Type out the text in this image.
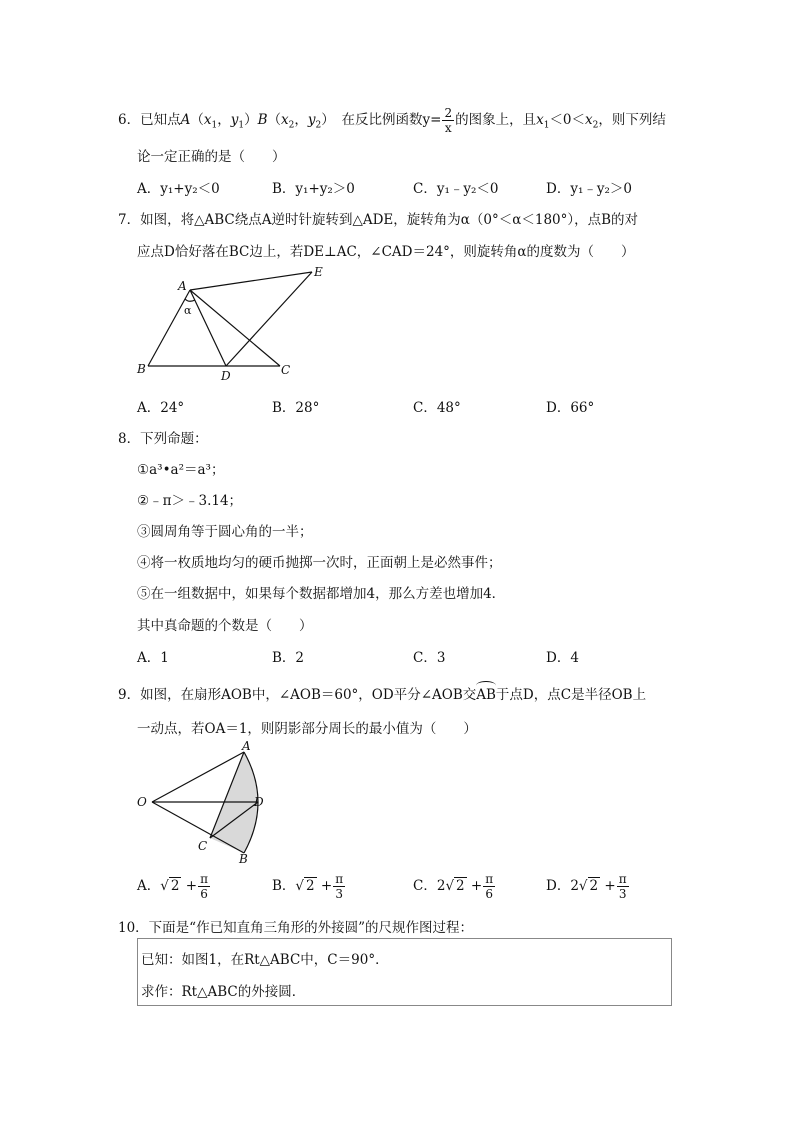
6．已知点$A(x_1$，$y_1)B(x_2$，$y_2$）　在反比例函数$y= \frac{2}{x}$ 的图象上，且$x_1<0<x_2$，则下列结
论一定正确的是（　　）
A．y₁+y₂＜0	B．y₁+y₂＞0	C．y₁﹣y₂＜0	D．y₁﹣y₂＞0
7．如图，将△ABC绕点A逆时针旋转到△ADE，旋转角为α（0°＜α＜180°），点B的对
应点D恰好落在BC边上，若DE⊥AC，∠CAD＝24°，则旋转角α的度数为（　　）
A
E
α
B	D	C
A．24°	B．28°	C．48°	D．66°
8．下列命题：
①a³•a²＝a³；
②﹣π＞﹣3.14；
③圆周角等于圆心角的一半；
④将一枚质地均匀的硬币抛掷一次时，正面朝上是必然事件；
⑤在一组数据中，如果每个数据都增加4，那么方差也增加4．
其中真命题的个数是（　　）
A．1	B．2	C．3	D．4
9．如图，在扇形AOB中，∠AOB＝60°，OD平分∠AOB交AB于点D，点C是半径OB上
一动点，若OA＝1，则阴影部分周长的最小值为（　　）
A
O	D
C
B
A．√ $2 + \frac{\pi}{6}$	B．√ $2 + \frac{\pi}{3}$	C．2√ $2 + \frac{\pi}{6}$	D．2√ $2 + \frac{\pi}{3}$
10．下面是“作已知直角三角形的外接圆”的尺规作图过程：
已知：如图1，在Rt△ABC中，C＝90°．
求作：Rt△ABC的外接圆．
